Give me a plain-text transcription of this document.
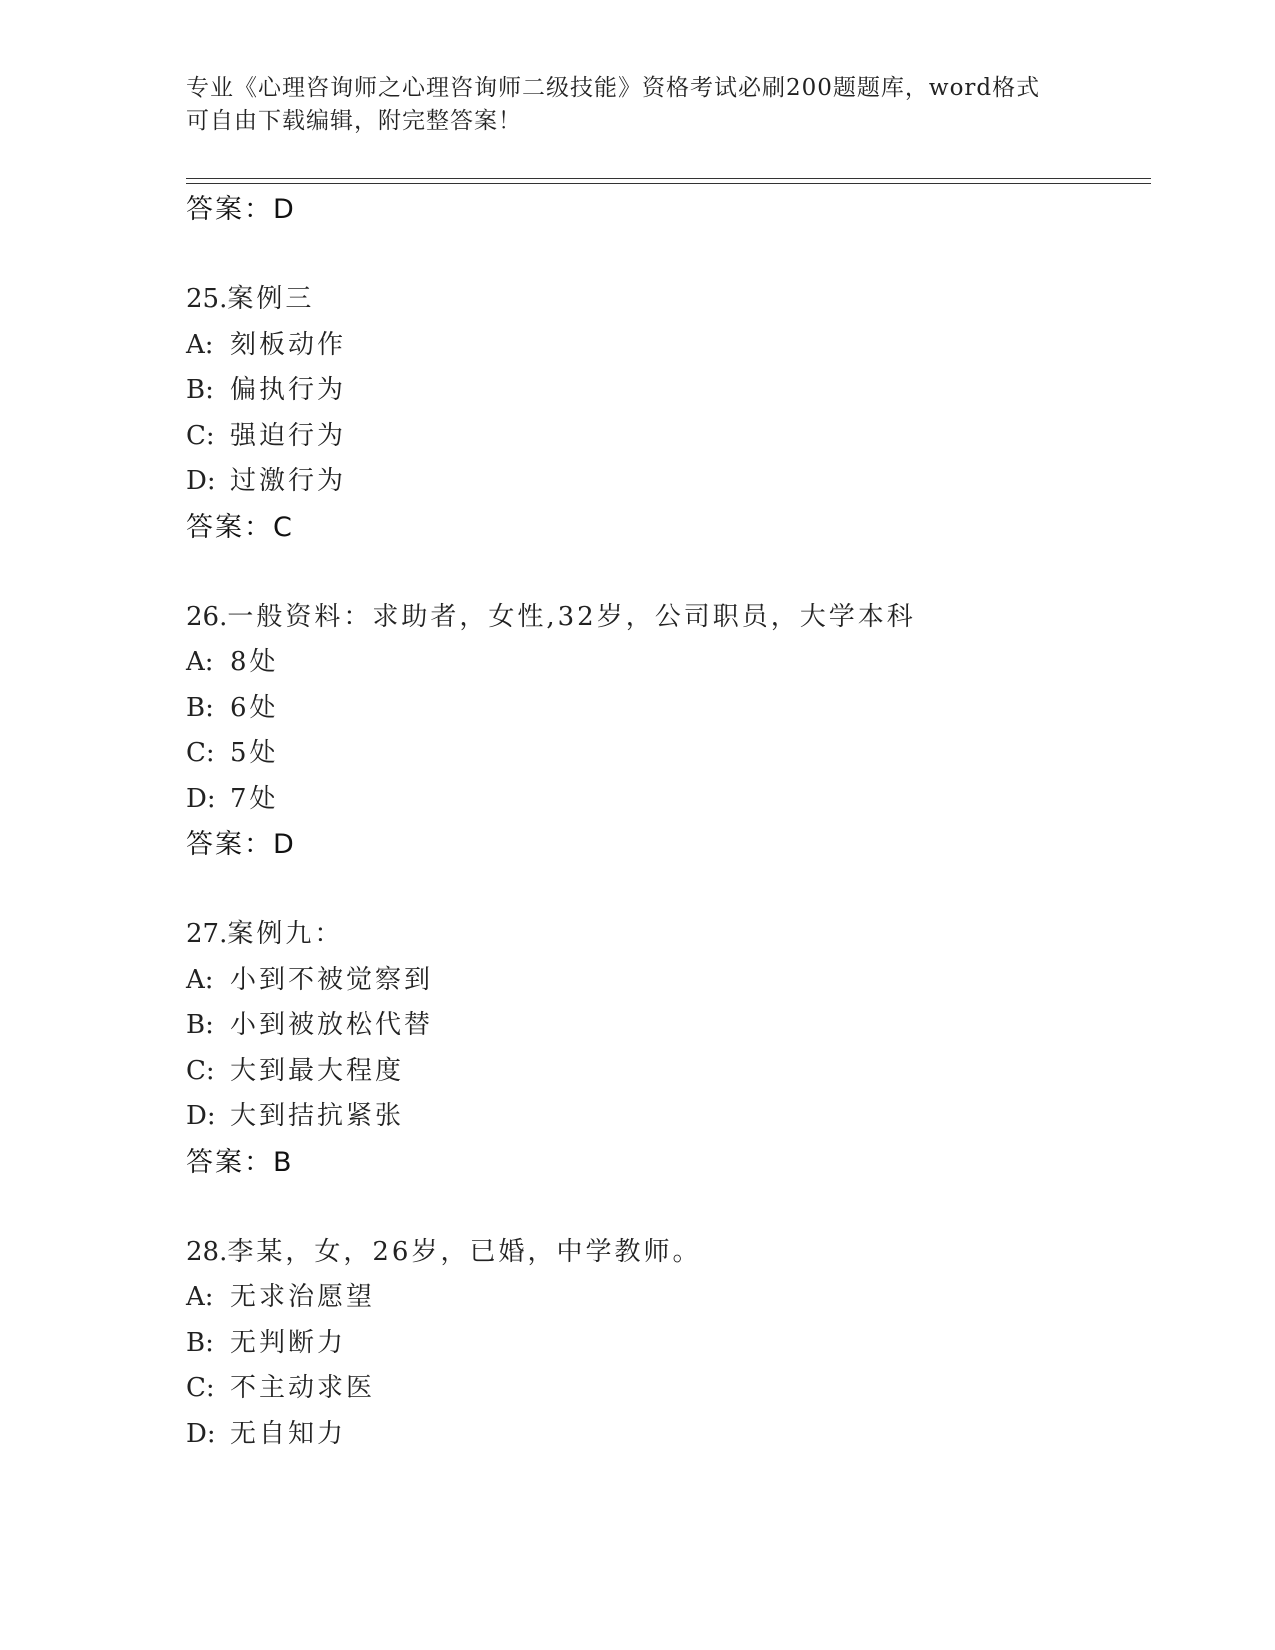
专业《心理咨询师之心理咨询师二级技能》资格考试必刷200题题库，word格式
可自由下载编辑，附完整答案！
答案：D
25.案例三
A: 刻板动作
B: 偏执行为
C: 强迫行为
D: 过激行为
答案：C
26.一般资料：求助者，女性,32岁，公司职员，大学本科
A: 8处
B: 6处
C: 5处
D: 7处
答案：D
27.案例九：
A: 小到不被觉察到
B: 小到被放松代替
C: 大到最大程度
D: 大到拮抗紧张
答案：B
28.李某，女，26岁，已婚，中学教师。
A: 无求治愿望
B: 无判断力
C: 不主动求医
D: 无自知力
